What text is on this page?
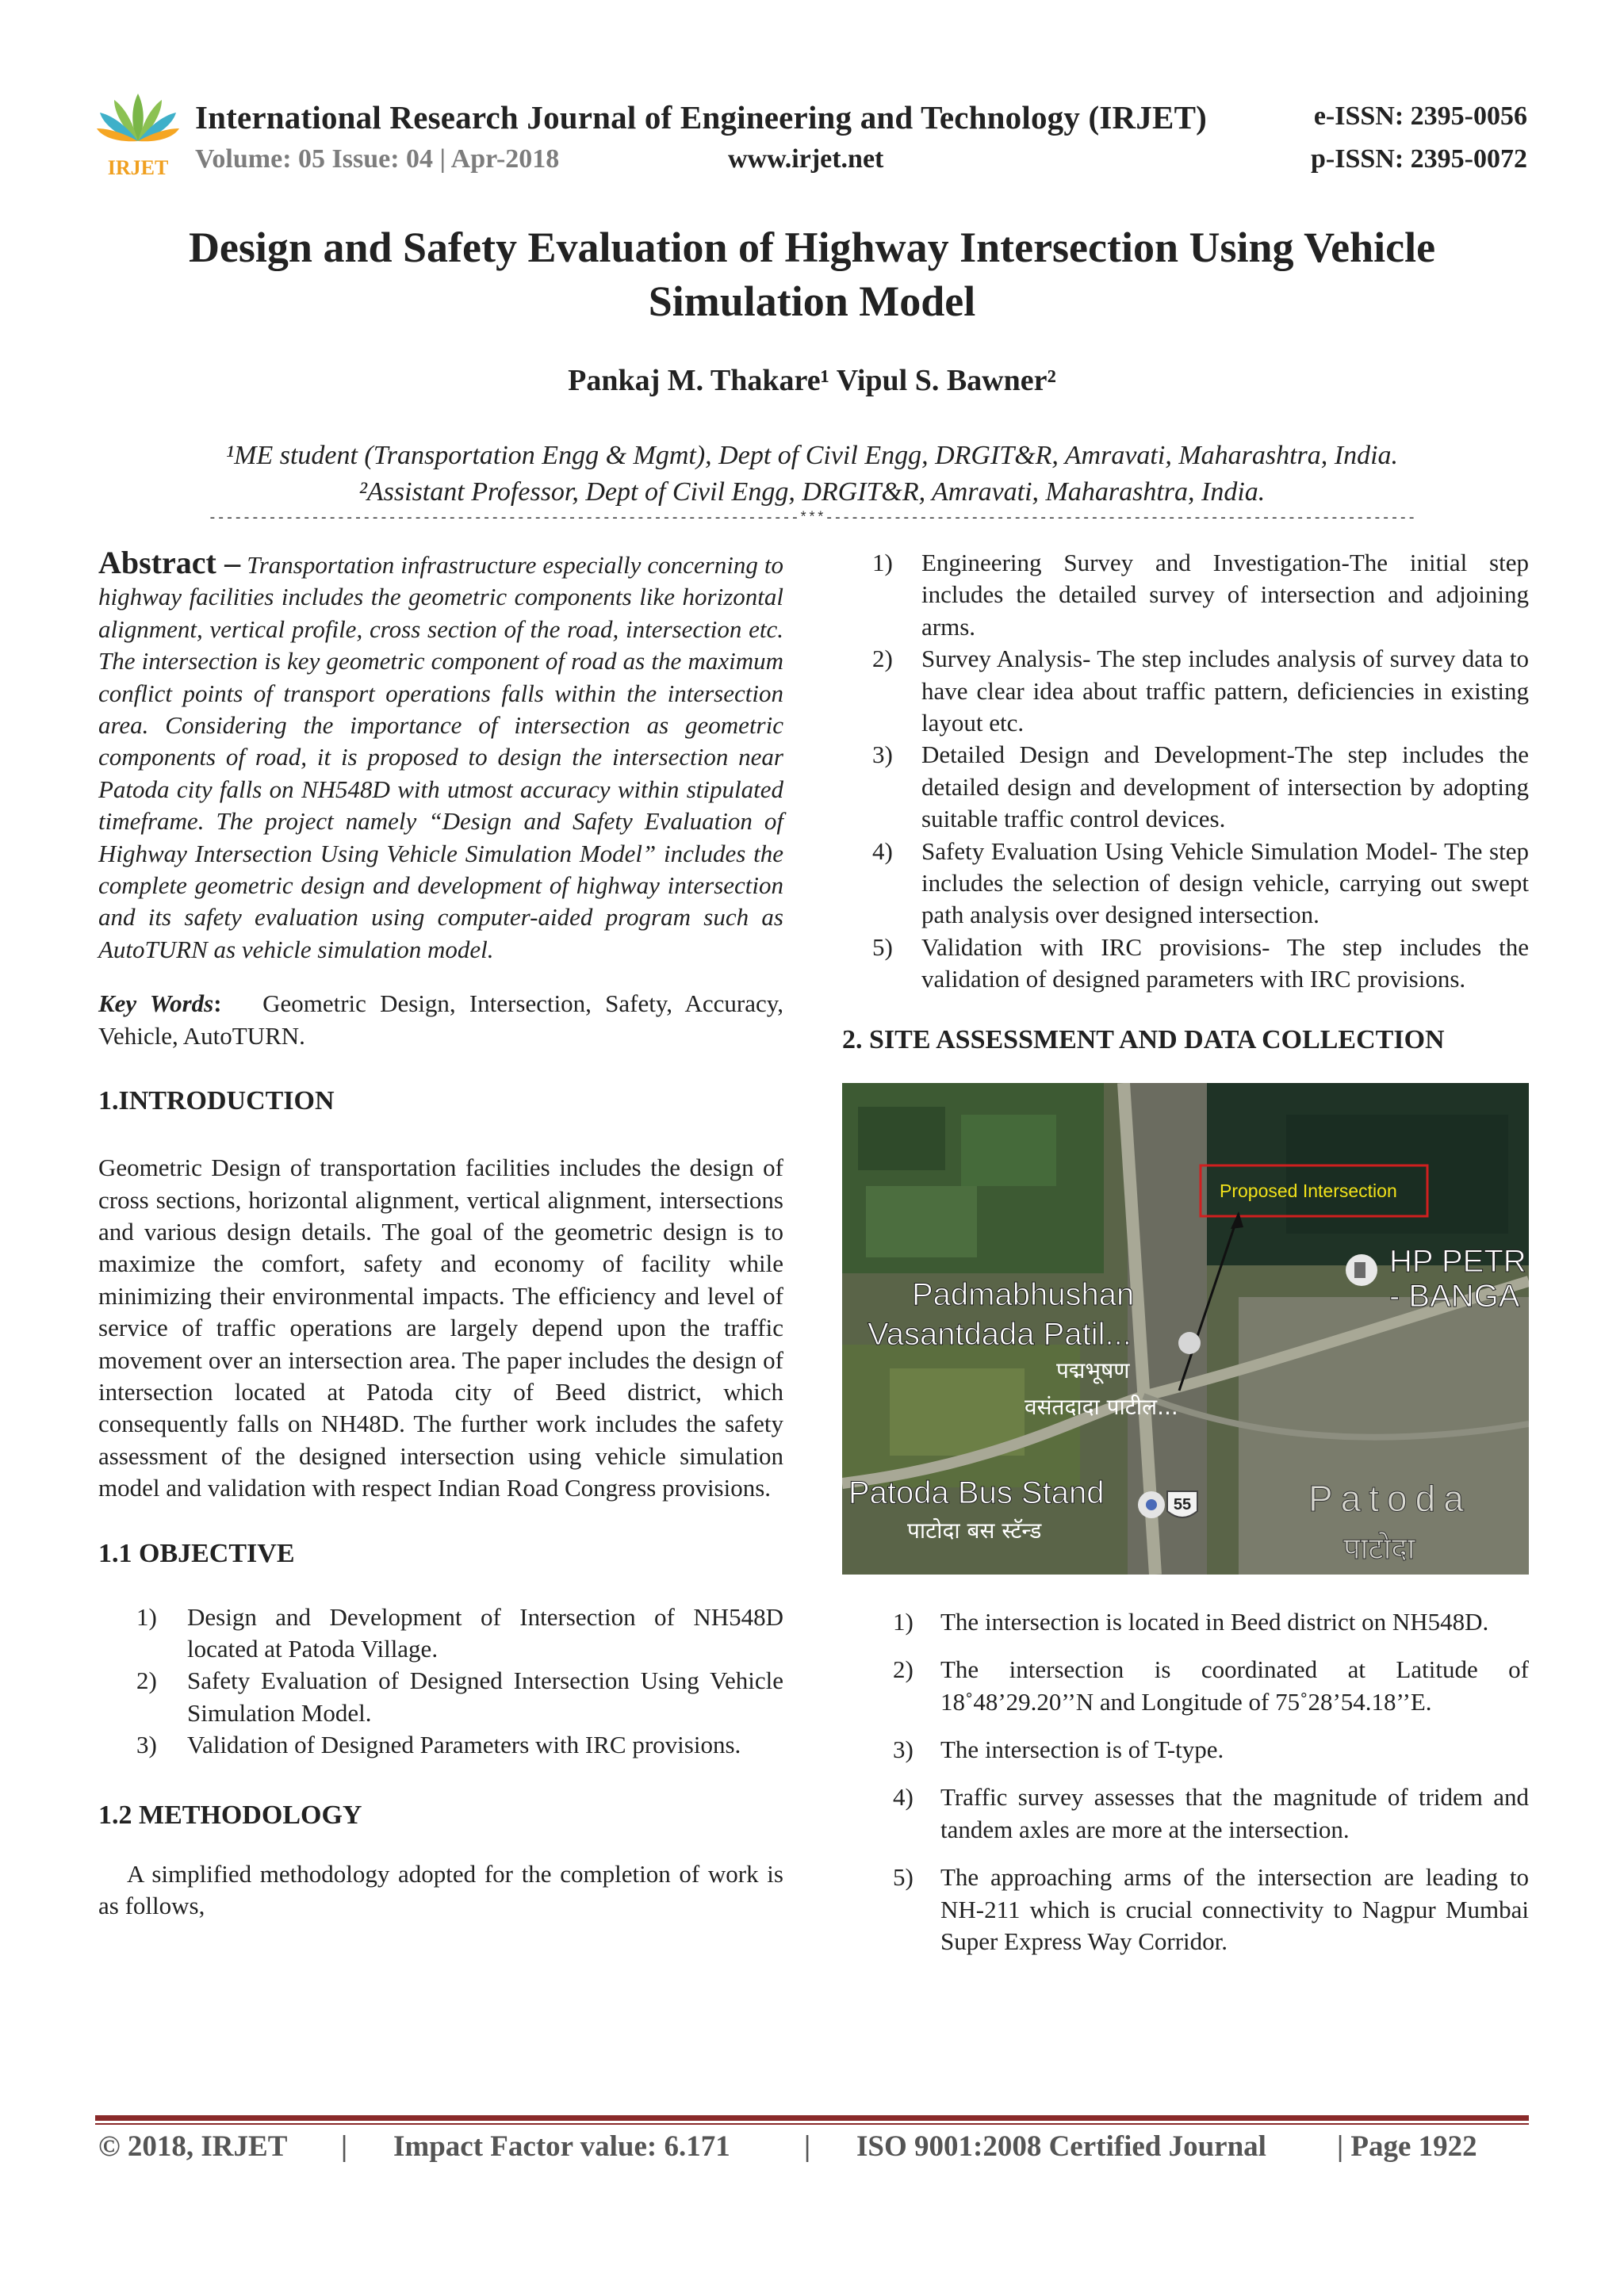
IRJET
International Research Journal of Engineering and Technology (IRJET)
Volume: 05 Issue: 04 | Apr-2018	www.irjet.net
e-ISSN: 2395-0056
p-ISSN: 2395-0072
Design and Safety Evaluation of Highway Intersection Using Vehicle Simulation Model
Pankaj M. Thakare¹ Vipul S. Bawner²
¹ME student (Transportation Engg & Mgmt), Dept of Civil Engg, DRGIT&R, Amravati, Maharashtra, India.
²Assistant Professor, Dept of Civil Engg, DRGIT&R, Amravati, Maharashtra, India.
---------------------------------------------------------------------***---------------------------------------------------------------------

Abstract – Transportation infrastructure especially concerning to highway facilities includes the geometric components like horizontal alignment, vertical profile, cross section of the road, intersection etc. The intersection is key geometric component of road as the maximum conflict points of transport operations falls within the intersection area. Considering the importance of intersection as geometric components of road, it is proposed to design the intersection near Patoda city falls on NH548D with utmost accuracy within stipulated timeframe. The project namely “Design and Safety Evaluation of Highway Intersection Using Vehicle Simulation Model” includes the complete geometric design and development of highway intersection and its safety evaluation using computer-aided program such as AutoTURN as vehicle simulation model.

Key Words: Geometric Design, Intersection, Safety, Accuracy, Vehicle, AutoTURN.

1.INTRODUCTION

Geometric Design of transportation facilities includes the design of cross sections, horizontal alignment, vertical alignment, intersections and various design details. The goal of the geometric design is to maximize the comfort, safety and economy of facility while minimizing their environmental impacts. The efficiency and level of service of traffic operations are largely depend upon the traffic movement over an intersection area. The paper includes the design of intersection located at Patoda city of Beed district, which consequently falls on NH48D. The further work includes the safety assessment of the designed intersection using vehicle simulation model and validation with respect Indian Road Congress provisions.

1.1 OBJECTIVE
1) Design and Development of Intersection of NH548D located at Patoda Village.
2) Safety Evaluation of Designed Intersection Using Vehicle Simulation Model.
3) Validation of Designed Parameters with IRC provisions.
1.2 METHODOLOGY

A simplified methodology adopted for the completion of work is as follows,

1) Engineering Survey and Investigation-The initial step includes the detailed survey of intersection and adjoining arms.
2) Survey Analysis- The step includes analysis of survey data to have clear idea about traffic pattern, deficiencies in existing layout etc.
3) Detailed Design and Development-The step includes the detailed design and development of intersection by adopting suitable traffic control devices.
4) Safety Evaluation Using Vehicle Simulation Model- The step includes the selection of design vehicle, carrying out swept path analysis over designed intersection.
5) Validation with IRC provisions- The step includes the validation of designed parameters with IRC provisions.
2. SITE ASSESSMENT AND DATA COLLECTION
Proposed Intersection
Padmabhushan
Vasantdada Patil...
Patoda Bus Stand
HP PETR
- BANGA
पद्मभूषण
वसंतदादा पाटील...
पाटोदा बस स्टॅन्ड
Patoda
पाटोदा
55
1) The intersection is located in Beed district on NH548D.
2) The intersection is coordinated at Latitude of 18˚48’29.20’’N and Longitude of 75˚28’54.18’’E.
3) The intersection is of T-type.
4) Traffic survey assesses that the magnitude of tridem and tandem axles are more at the intersection.
5) The approaching arms of the intersection are leading to NH-211 which is crucial connectivity to Nagpur Mumbai Super Express Way Corridor.
© 2018, IRJET | Impact Factor value: 6.171	| ISO 9001:2008 Certified Journal | Page 1922
